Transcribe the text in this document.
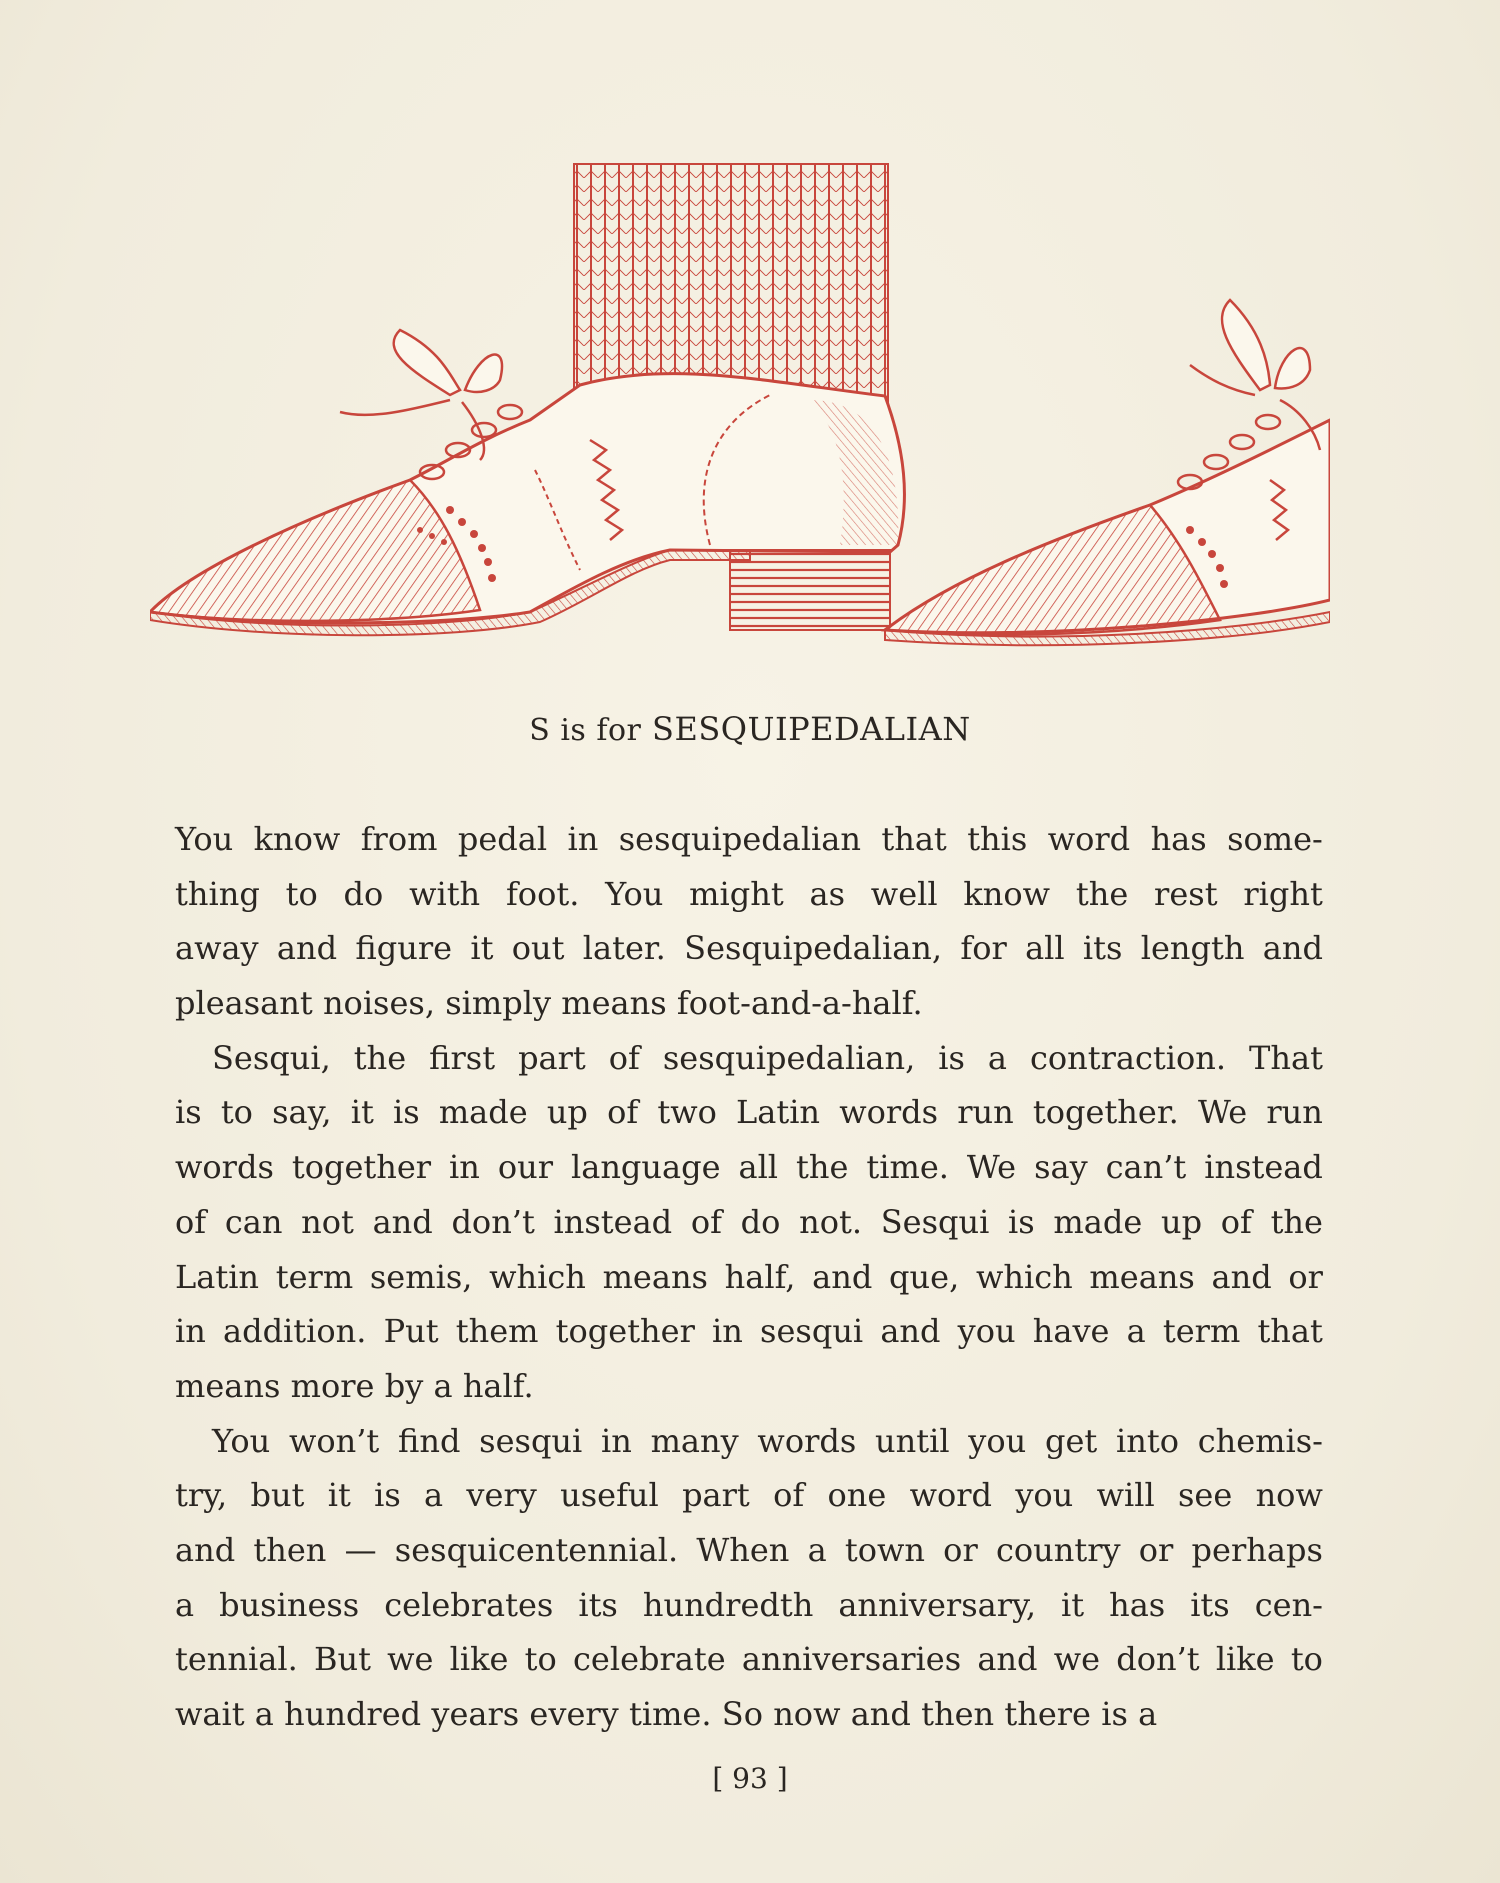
S is for SESQUIPEDALIAN
You know from pedal in sesquipedalian that this word has some-
thing to do with foot. You might as well know the rest right
away and figure it out later. Sesquipedalian, for all its length and
pleasant noises, simply means foot-and-a-half.
Sesqui, the first part of sesquipedalian, is a contraction. That
is to say, it is made up of two Latin words run together. We run
words together in our language all the time. We say can’t instead
of can not and don’t instead of do not. Sesqui is made up of the
Latin term semis, which means half, and que, which means and or
in addition. Put them together in sesqui and you have a term that
means more by a half.
You won’t find sesqui in many words until you get into chemis-
try, but it is a very useful part of one word you will see now
and then — sesquicentennial. When a town or country or perhaps
a business celebrates its hundredth anniversary, it has its cen-
tennial. But we like to celebrate anniversaries and we don’t like to
wait a hundred years every time. So now and then there is a
[ 93 ]
